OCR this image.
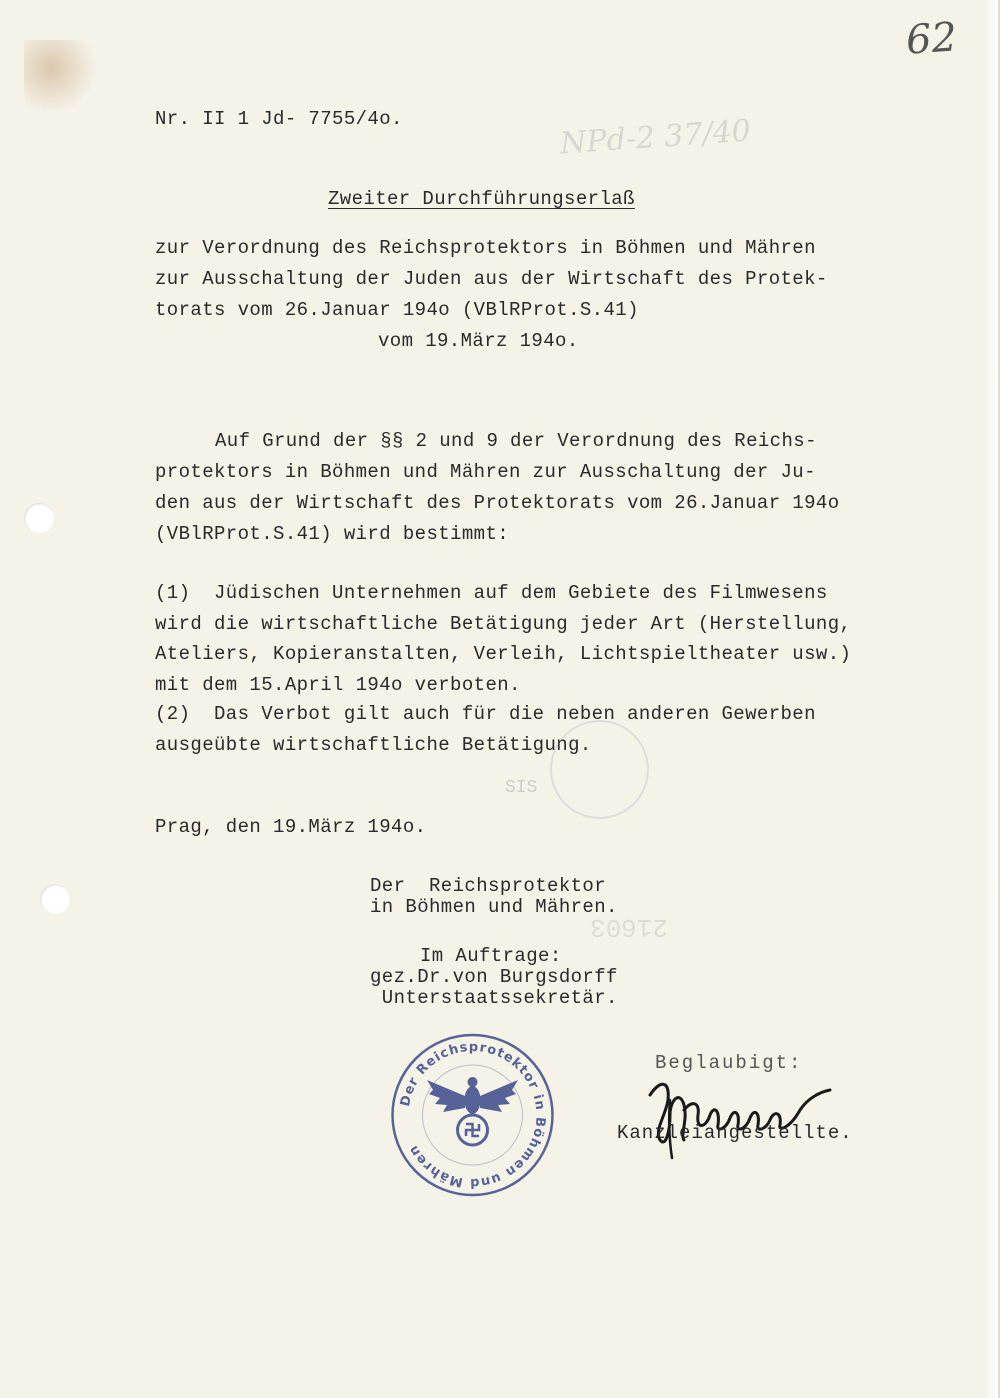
62
NPd-2 37/40
Nr. II 1 Jd- 7755/4o.
Zweiter Durchführungserlaß
zur Verordnung des Reichsprotektors in Böhmen und Mähren
zur Ausschaltung der Juden aus der Wirtschaft des Protek-
torats vom 26.Januar 194o (VBlRProt.S.41)
vom 19.März 194o.
Auf Grund der §§ 2 und 9 der Verordnung des Reichs-
protektors in Böhmen und Mähren zur Ausschaltung der Ju-
den aus der Wirtschaft des Protektorats vom 26.Januar 194o
(VBlRProt.S.41) wird bestimmt:
(1)  Jüdischen Unternehmen auf dem Gebiete des Filmwesens
wird die wirtschaftliche Betätigung jeder Art (Herstellung,
Ateliers, Kopieranstalten, Verleih, Lichtspieltheater usw.)
mit dem 15.April 194o verboten.
(2)  Das Verbot gilt auch für die neben anderen Gewerben
ausgeübte wirtschaftliche Betätigung.
SIS
Prag, den 19.März 194o.
Der  Reichsprotektor
in Böhmen und Mähren.
21603
Im Auftrage:
gez.Dr.von Burgsdorff
Unterstaatssekretär.
Der Reichsprotektor in Böhmen und Mähren
Beglaubigt:
Kanzleiangestellte.
